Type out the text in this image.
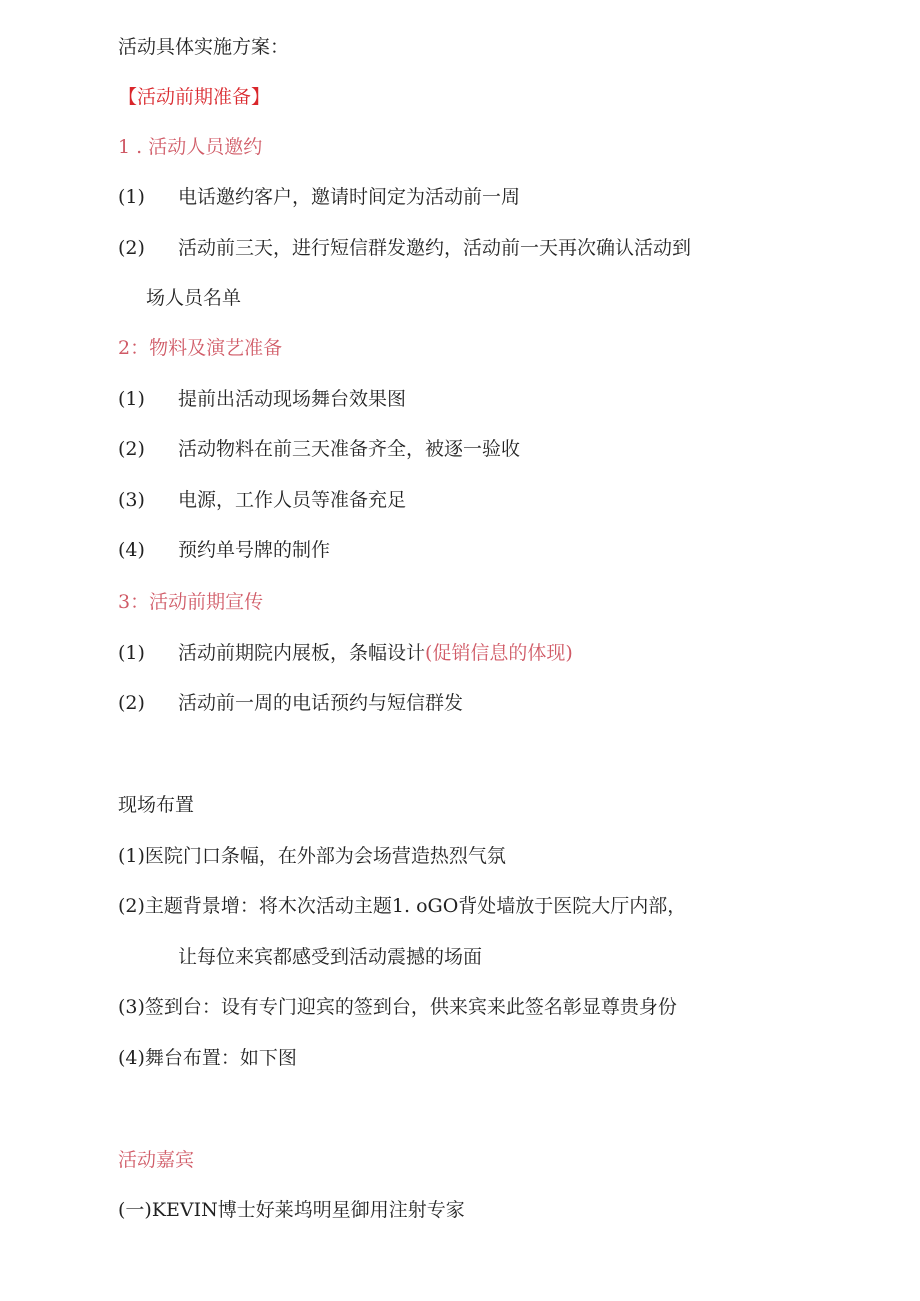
活动具体实施方案：
【活动前期准备】
1 . 活动人员邀约
(1) 电话邀约客户，邀请时间定为活动前一周
(2) 活动前三天，进行短信群发邀约，活动前一天再次确认活动到
场人员名单
2：物料及演艺准备
(1) 提前出活动现场舞台效果图
(2) 活动物料在前三天准备齐全，被逐一验收
(3) 电源，工作人员等准备充足
(4) 预约单号牌的制作
3：活动前期宣传
(1) 活动前期院内展板，条幅设计(促销信息的体现)
(2) 活动前一周的电话预约与短信群发
现场布置
(1)医院门口条幅，在外部为会场营造热烈气氛
(2)主题背景增：将木次活动主题1. oGO背处墙放于医院大厅内部，
让每位来宾都感受到活动震撼的场面
(3)签到台：设有专门迎宾的签到台，供来宾来此签名彰显尊贵身份
(4)舞台布置：如下图
活动嘉宾
(一)KEVIN博士好莱坞明星御用注射专家
